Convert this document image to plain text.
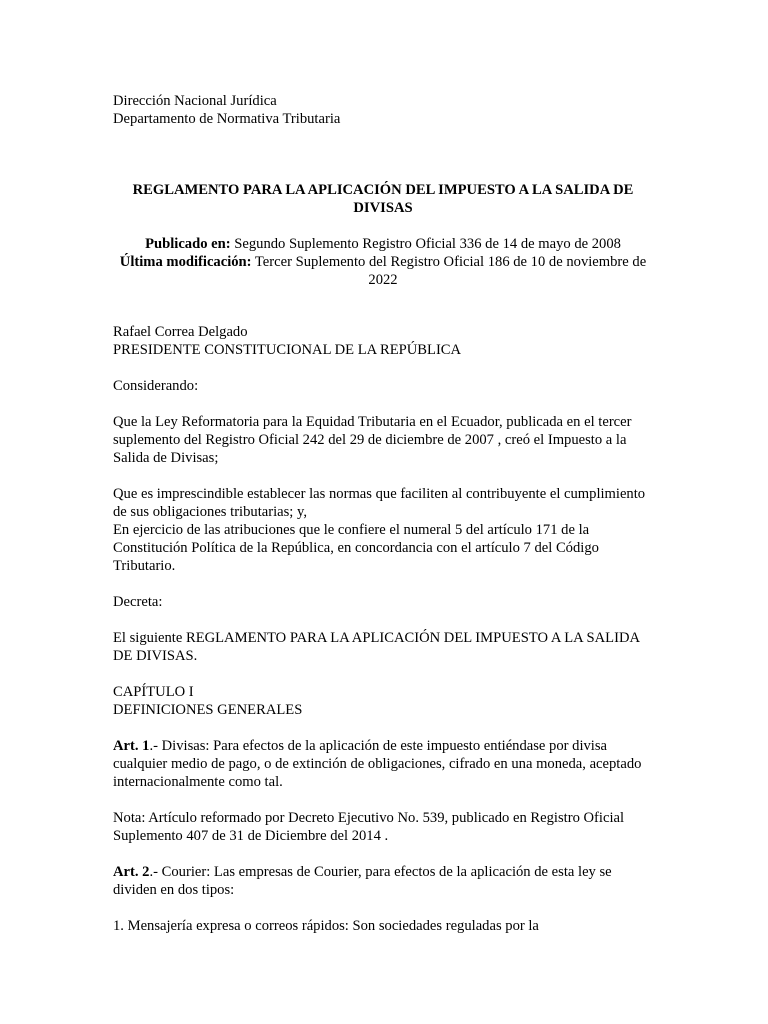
Dirección Nacional Jurídica

Departamento de Normativa Tributaria

REGLAMENTO PARA LA APLICACIÓN DEL IMPUESTO A LA SALIDA DE DIVISAS

Publicado en: Segundo Suplemento Registro Oficial 336 de 14 de mayo de 2008

Última modificación: Tercer Suplemento del Registro Oficial 186 de 10 de noviembre de 2022

Rafael Correa Delgado

PRESIDENTE CONSTITUCIONAL DE LA REPÚBLICA

Considerando:

Que la Ley Reformatoria para la Equidad Tributaria en el Ecuador, publicada en el tercer suplemento del Registro Oficial 242 del 29 de diciembre de 2007 , creó el Impuesto a la Salida de Divisas;

Que es imprescindible establecer las normas que faciliten al contribuyente el cumplimiento de sus obligaciones tributarias; y,

En ejercicio de las atribuciones que le confiere el numeral 5 del artículo 171 de la Constitución Política de la República, en concordancia con el artículo 7 del Código Tributario.

Decreta:

El siguiente REGLAMENTO PARA LA APLICACIÓN DEL IMPUESTO A LA SALIDA DE DIVISAS.

CAPÍTULO I

DEFINICIONES GENERALES

Art. 1.- Divisas: Para efectos de la aplicación de este impuesto entiéndase por divisa cualquier medio de pago, o de extinción de obligaciones, cifrado en una moneda, aceptado internacionalmente como tal.

Nota: Artículo reformado por Decreto Ejecutivo No. 539, publicado en Registro Oficial Suplemento 407 de 31 de Diciembre del 2014 .

Art. 2.- Courier: Las empresas de Courier, para efectos de la aplicación de esta ley se dividen en dos tipos:

1. Mensajería expresa o correos rápidos: Son sociedades reguladas por la
